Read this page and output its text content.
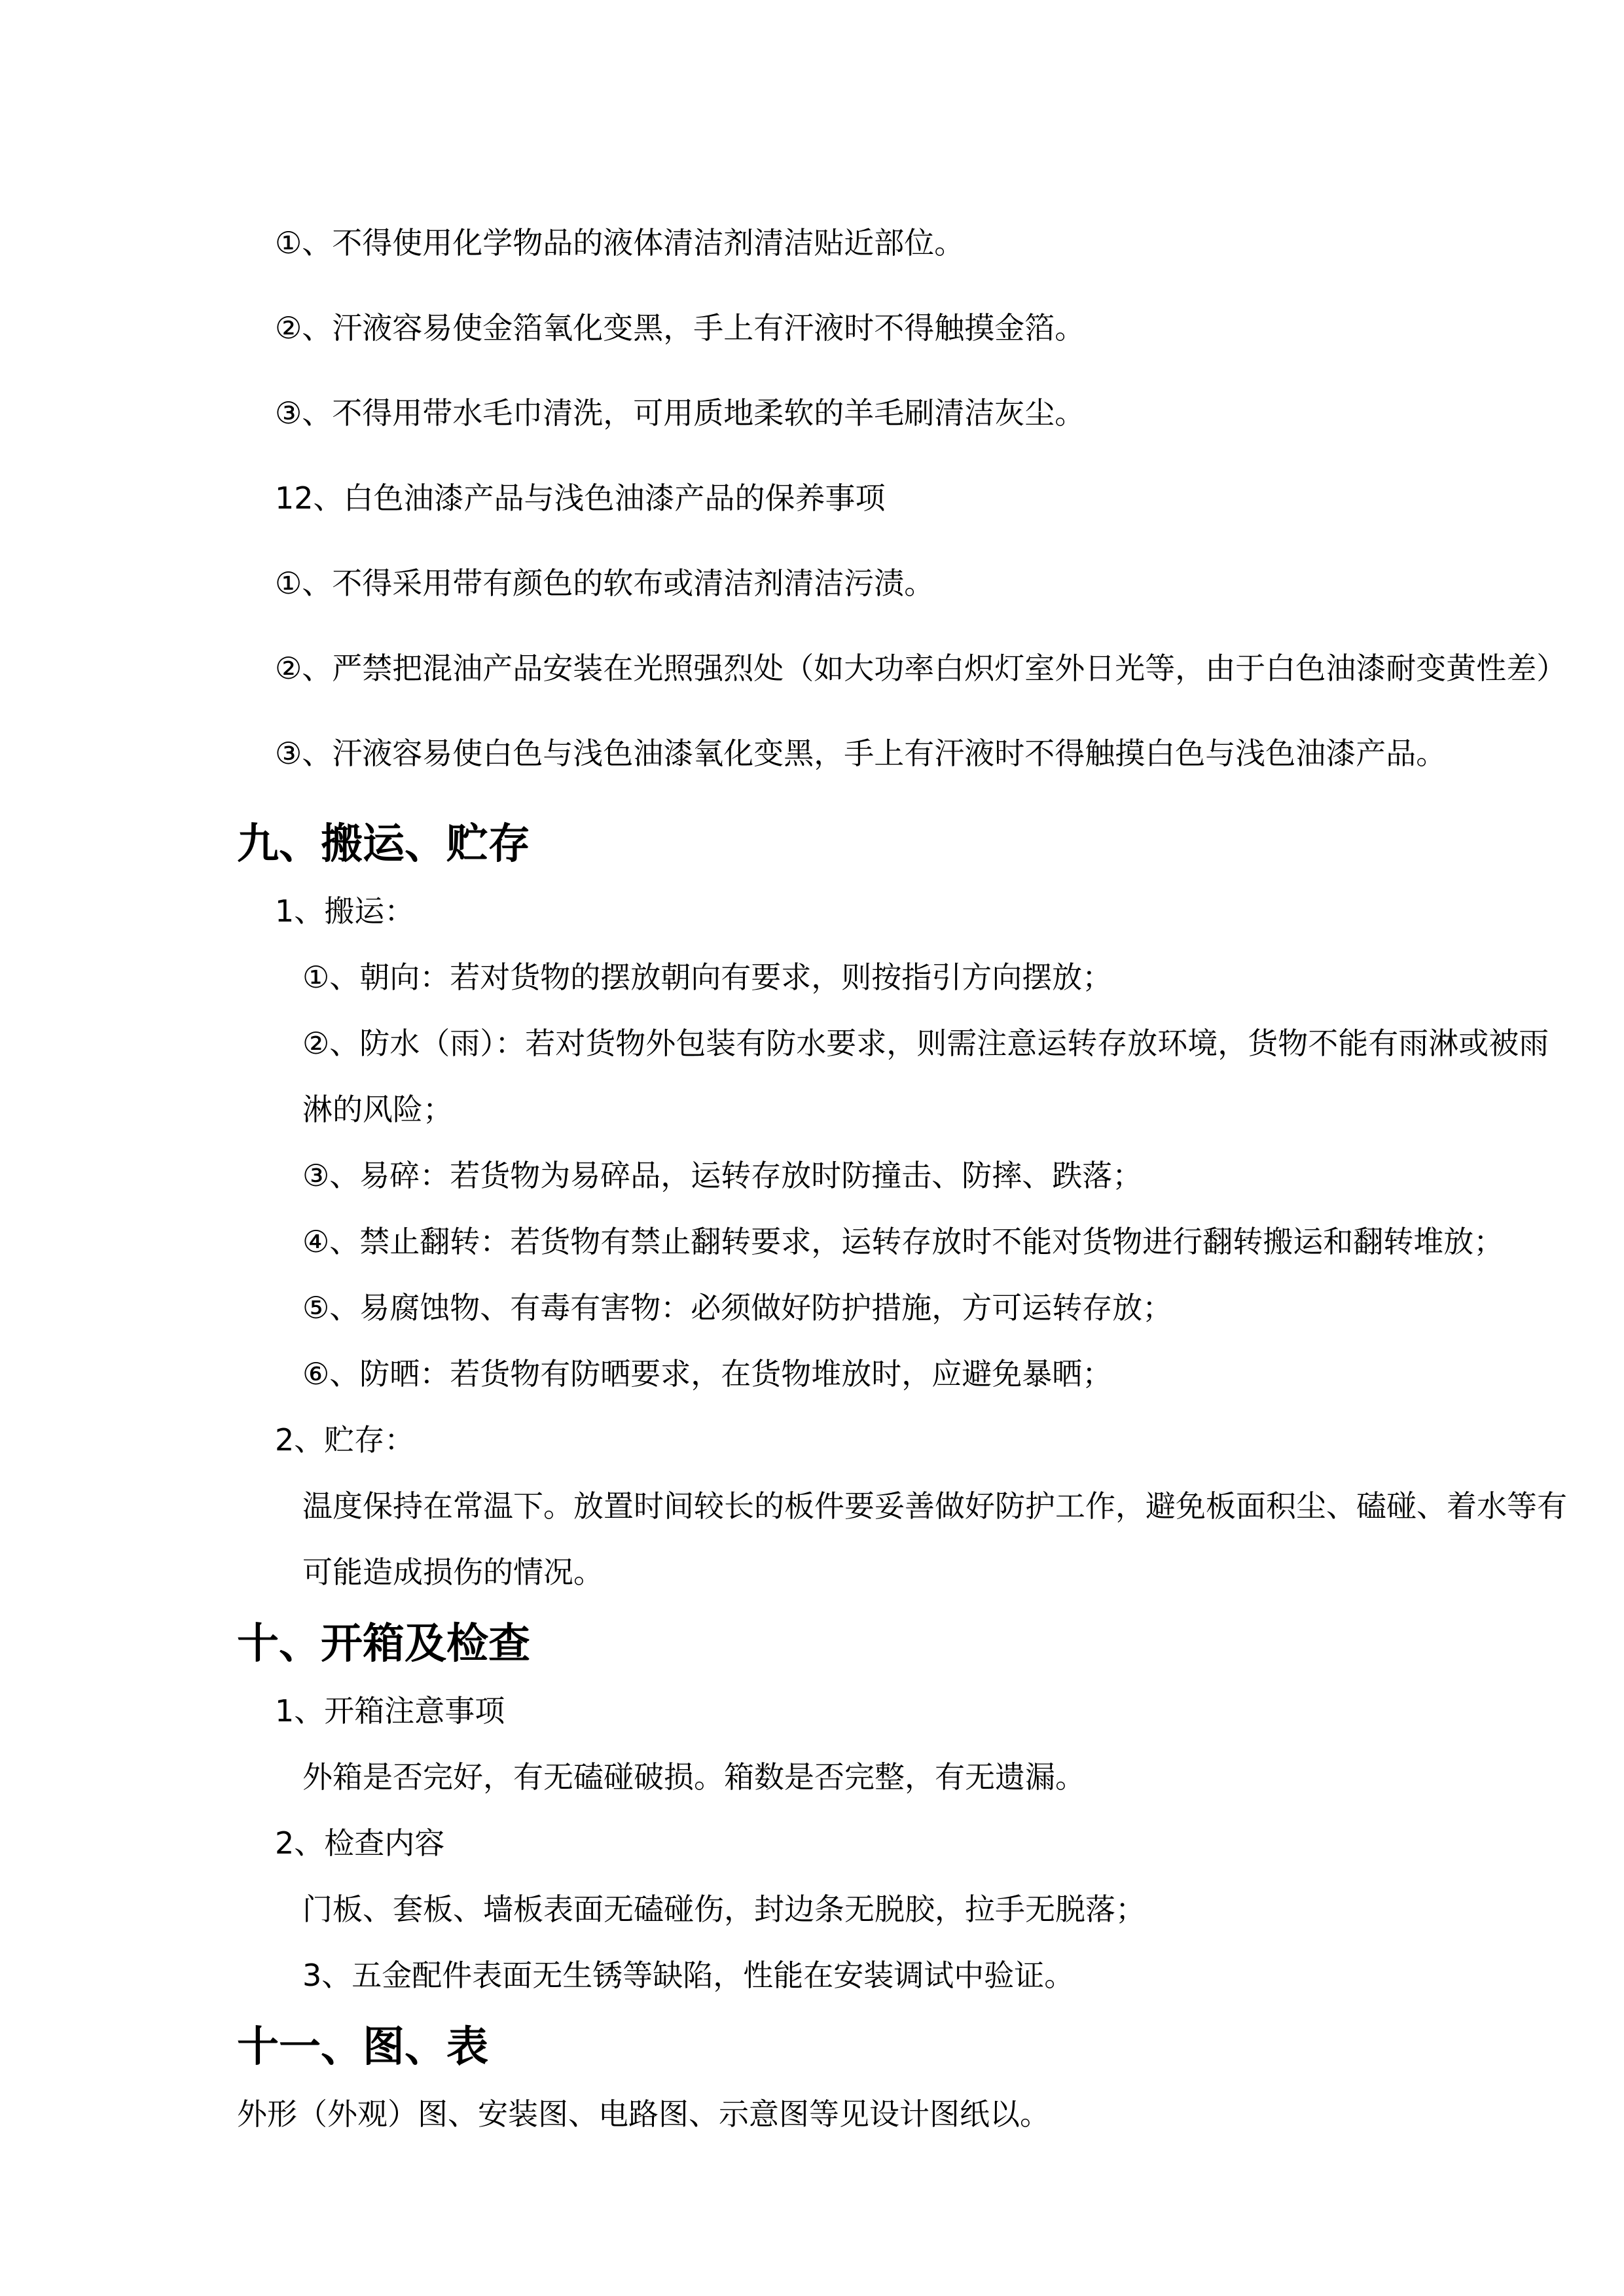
①、不得使用化学物品的液体清洁剂清洁贴近部位。
②、汗液容易使金箔氧化变黑，手上有汗液时不得触摸金箔。
③、不得用带水毛巾清洗，可用质地柔软的羊毛刷清洁灰尘。
12、白色油漆产品与浅色油漆产品的保养事项
①、不得采用带有颜色的软布或清洁剂清洁污渍。
②、严禁把混油产品安装在光照强烈处（如大功率白炽灯室外日光等，由于白色油漆耐变黄性差）
③、汗液容易使白色与浅色油漆氧化变黑，手上有汗液时不得触摸白色与浅色油漆产品。
九、搬运、贮存
1、搬运：
①、朝向：若对货物的摆放朝向有要求，则按指引方向摆放；
②、防水（雨）：若对货物外包装有防水要求，则需注意运转存放环境，货物不能有雨淋或被雨
淋的风险；
③、易碎：若货物为易碎品，运转存放时防撞击、防摔、跌落；
④、禁止翻转：若货物有禁止翻转要求，运转存放时不能对货物进行翻转搬运和翻转堆放；
⑤、易腐蚀物、有毒有害物：必须做好防护措施，方可运转存放；
⑥、防晒：若货物有防晒要求，在货物堆放时，应避免暴晒；
2、贮存：
温度保持在常温下。放置时间较长的板件要妥善做好防护工作，避免板面积尘、磕碰、着水等有
可能造成损伤的情况。
十、开箱及检查
1、开箱注意事项
外箱是否完好，有无磕碰破损。箱数是否完整，有无遗漏。
2、检查内容
门板、套板、墙板表面无磕碰伤，封边条无脱胶，拉手无脱落；
3、五金配件表面无生锈等缺陷，性能在安装调试中验证。
十一、图、表
外形（外观）图、安装图、电路图、示意图等见设计图纸以。
